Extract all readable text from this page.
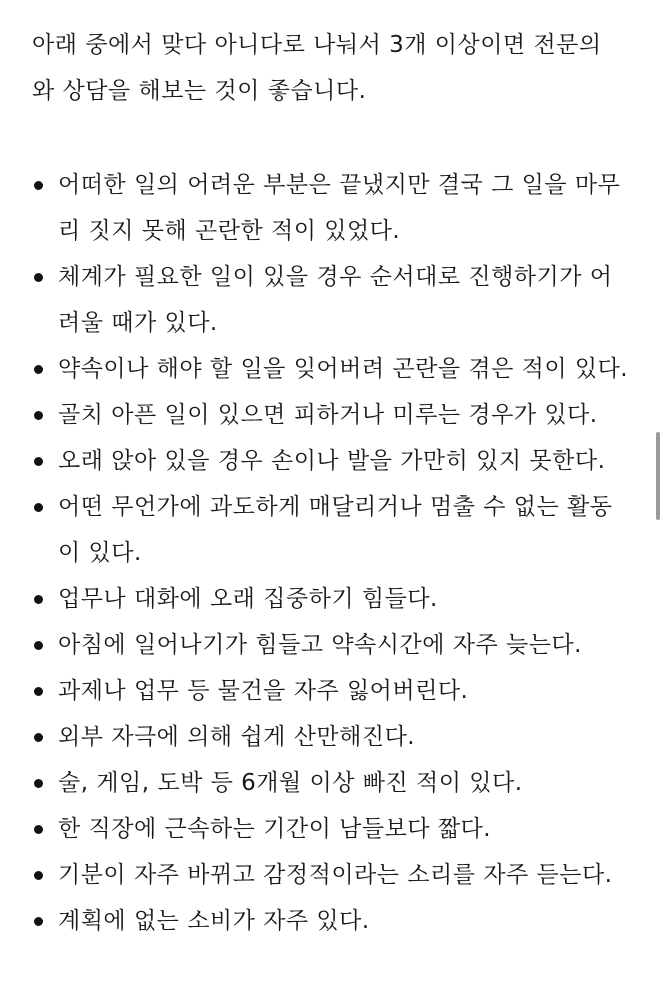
아래 중에서 맞다 아니다로 나눠서 3개 이상이면 전문의
와 상담을 해보는 것이 좋습니다.
어떠한 일의 어려운 부분은 끝냈지만 결국 그 일을 마무
리 짓지 못해 곤란한 적이 있었다.
체계가 필요한 일이 있을 경우 순서대로 진행하기가 어
려울 때가 있다.
약속이나 해야 할 일을 잊어버려 곤란을 겪은 적이 있다.
골치 아픈 일이 있으면 피하거나 미루는 경우가 있다.
오래 앉아 있을 경우 손이나 발을 가만히 있지 못한다.
어떤 무언가에 과도하게 매달리거나 멈출 수 없는 활동
이 있다.
업무나 대화에 오래 집중하기 힘들다.
아침에 일어나기가 힘들고 약속시간에 자주 늦는다.
과제나 업무 등 물건을 자주 잃어버린다.
외부 자극에 의해 쉽게 산만해진다.
술, 게임, 도박 등 6개월 이상 빠진 적이 있다.
한 직장에 근속하는 기간이 남들보다 짧다.
기분이 자주 바뀌고 감정적이라는 소리를 자주 듣는다.
계획에 없는 소비가 자주 있다.
